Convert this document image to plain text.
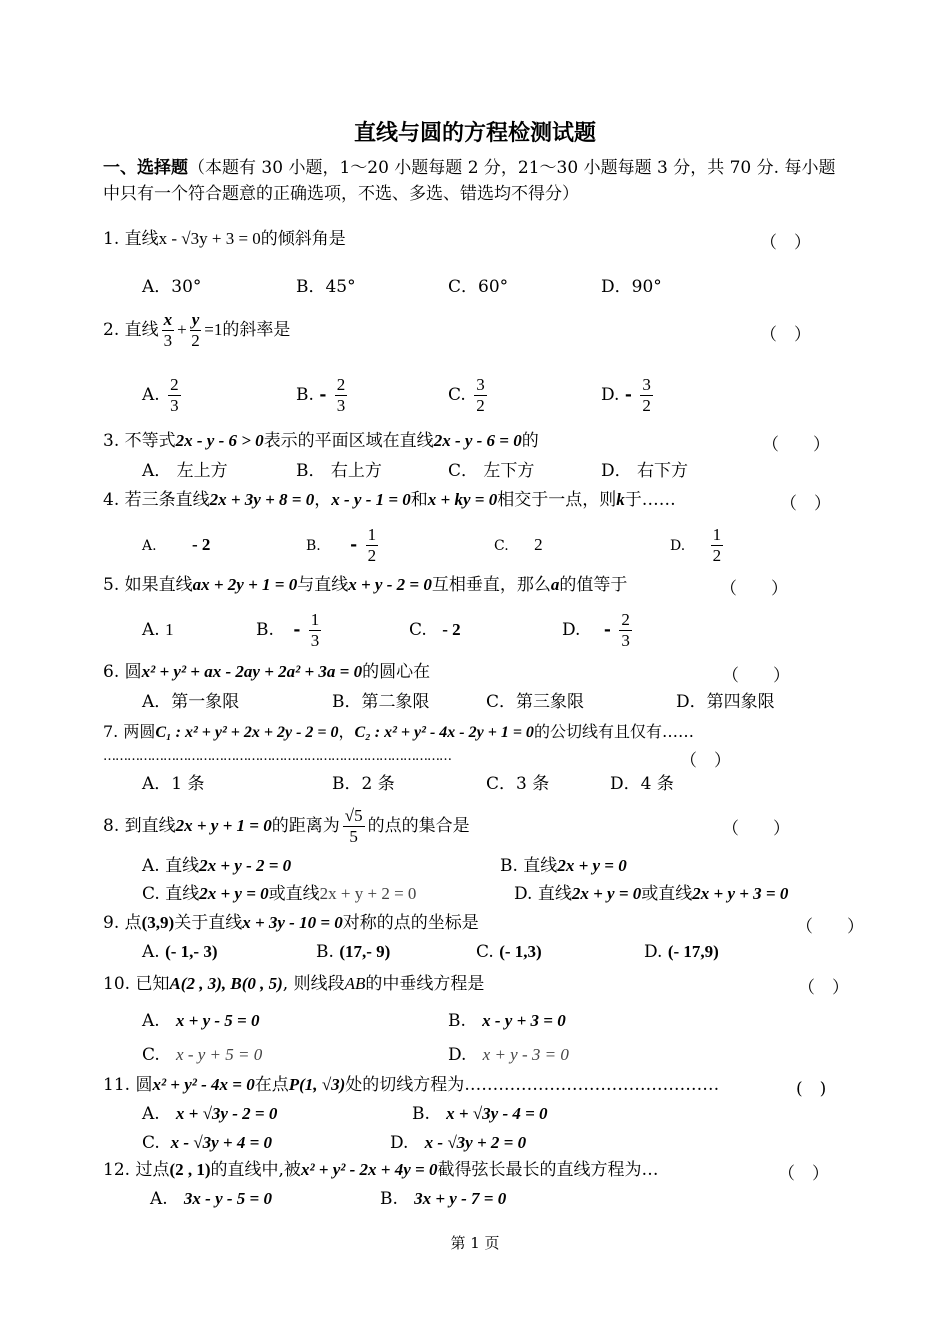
直线与圆的方程检测试题
一、选择题（本题有 30 小题，1～20 小题每题 2 分，21～30 小题每题 3 分，共 70 分. 每小题
中只有一个符合题意的正确选项，不选、多选、错选均不得分）
1. 直线x - √3y + 3 = 0的倾斜角是	（　）
A．30°	B．45°	C．60°	D．90°
2. 直线 $\frac{x}{3} + \frac{y}{2} =1$的斜率是	（　）
A. $\frac{2}{3}$	B. - $\frac{2}{3}$	C. $\frac{3}{2}$	D. - $\frac{3}{2}$
3. 不等式2x - y - 6 > 0表示的平面区域在直线2x - y - 6 = 0的	（　　）
A． 左上方	B． 右上方	C． 左下方	D． 右下方
4. 若三条直线2x + 3y + 8 = 0，x - y - 1 = 0和x + ky = 0相交于一点，则k于……	（　）
A. - 2	B. - $\frac{1}{2}$	C. 2	D. $\frac{1}{2}$
5. 如果直线ax + 2y + 1 = 0与直线x + y - 2 = 0互相垂直，那么a的值等于	（　　）
A. 1	B. - $\frac{1}{3}$	C. - 2	D. - $\frac{2}{3}$
6. 圆x² + y² + ax - 2ay + 2a² + 3a = 0的圆心在	（　　）
A．第一象限	B．第二象限	C．第三象限	D．第四象限
7. 两圆C₁ : x² + y² + 2x + 2y - 2 = 0，C₂ : x² + y² - 4x - 2y + 1 = 0的公切线有且仅有……
……………………………………………………………………………	（　）
A．1 条	B．2 条	C．3 条	D．4 条
8. 到直线2x + y + 1 = 0的距离为 $\frac{√5}{5}$ 的点的集合是	（　　）
A. 直线2x + y - 2 = 0	B. 直线2x + y = 0
C. 直线2x + y = 0或直线2x + y + 2 = 0	D. 直线2x + y = 0或直线2x + y + 3 = 0
9. 点(3,9)关于直线x + 3y - 10 = 0对称的点的坐标是	（　　）
A. (- 1,- 3)	B. (17,- 9)	C. (- 1,3)	D. (- 17,9)
10. 已知A(2 , 3), B(0 , 5), 则线段AB的中垂线方程是	（　）
A. x + y - 5 = 0	B. x - y + 3 = 0
C. x - y + 5 = 0	D. x + y - 3 = 0
11. 圆x² + y² - 4x = 0在点P(1, √3)处的切线方程为………………………………………	(　)
A. x + √3y - 2 = 0	B. x + √3y - 4 = 0
C. x - √3y + 4 = 0	D. x - √3y + 2 = 0
12. 过点(2 , 1)的直线中,被x² + y² - 2x + 4y = 0截得弦长最长的直线方程为…	（　）
A. 3x - y - 5 = 0	B. 3x + y - 7 = 0
第 1 页
